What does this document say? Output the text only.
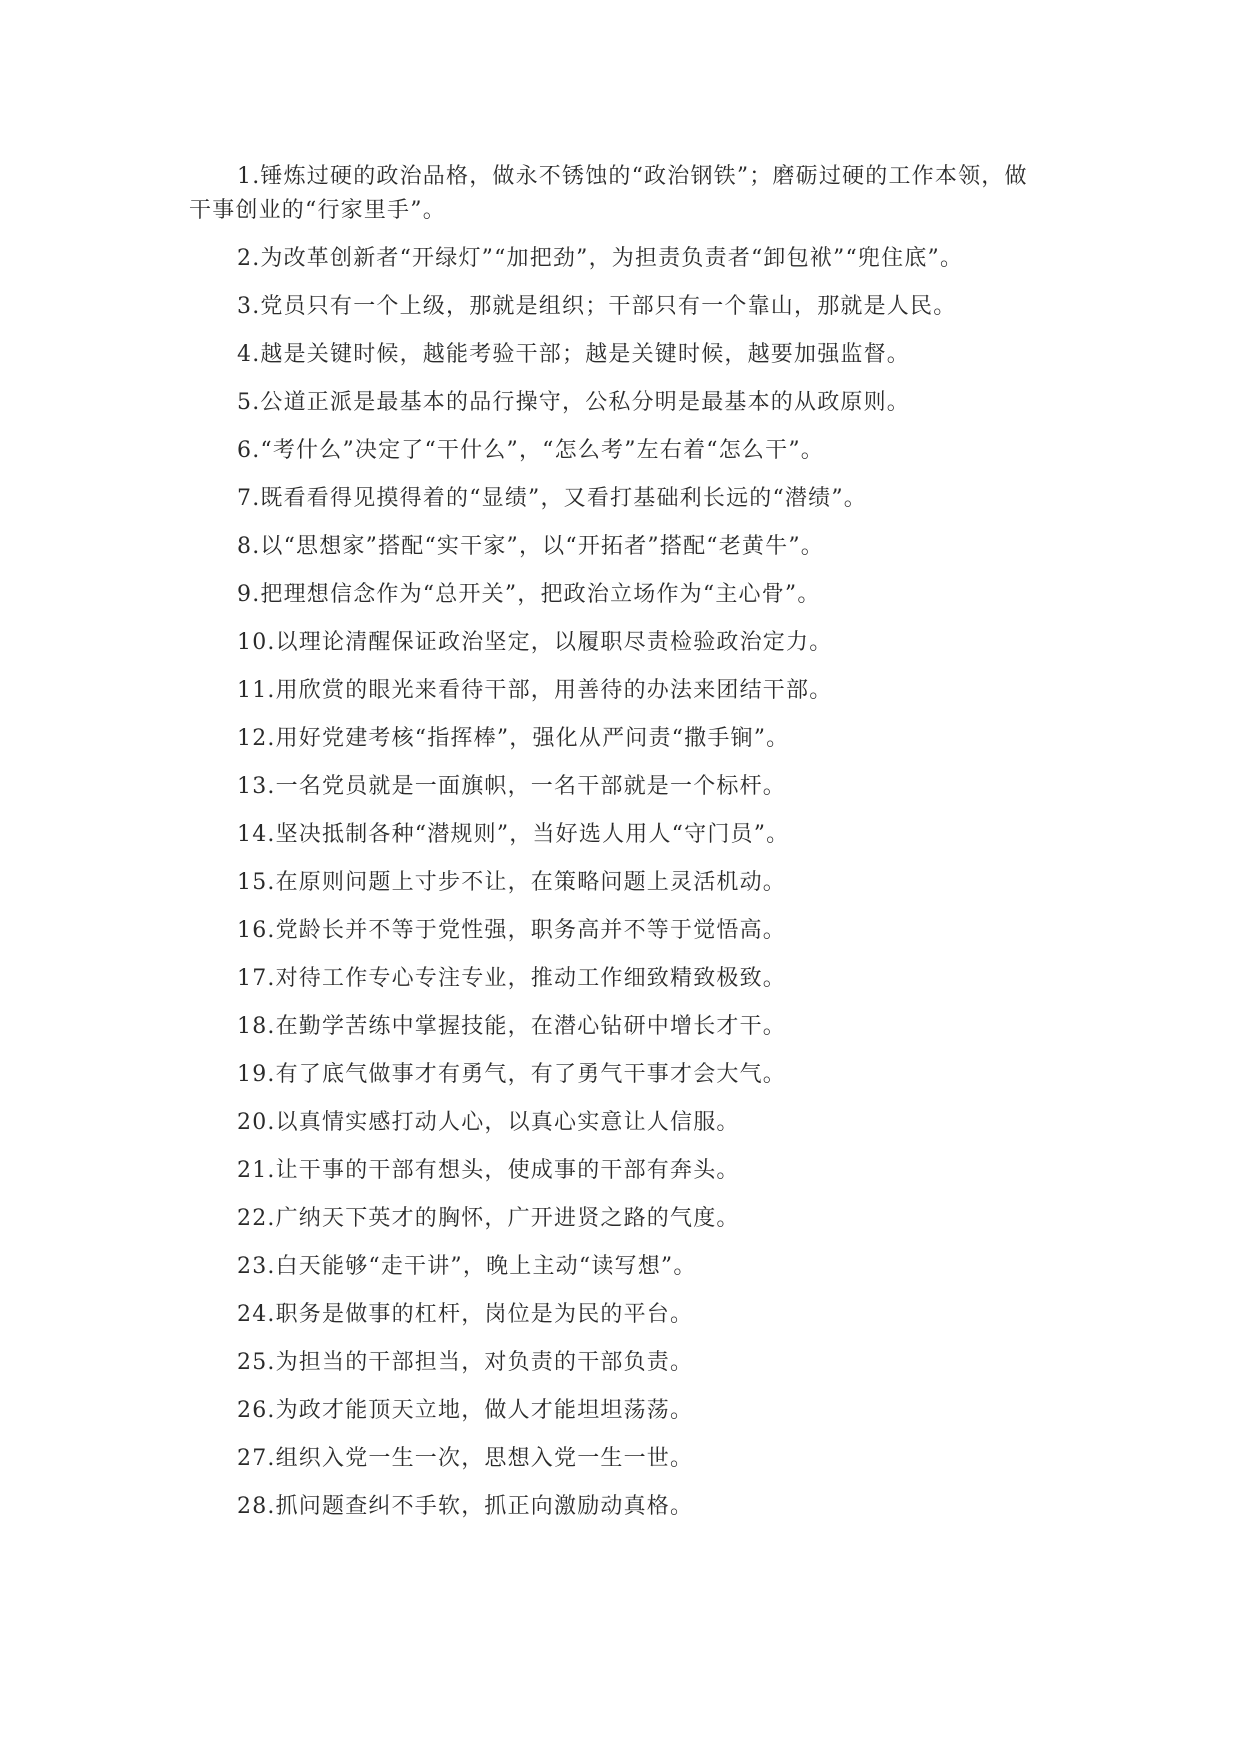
1.锤炼过硬的政治品格，做永不锈蚀的“政治钢铁”；磨砺过硬的工作本领，做干事创业的“行家里手”。

2.为改革创新者“开绿灯”“加把劲”，为担责负责者“卸包袱”“兜住底”。

3.党员只有一个上级，那就是组织；干部只有一个靠山，那就是人民。

4.越是关键时候，越能考验干部；越是关键时候，越要加强监督。

5.公道正派是最基本的品行操守，公私分明是最基本的从政原则。

6.“考什么”决定了“干什么”，“怎么考”左右着“怎么干”。

7.既看看得见摸得着的“显绩”，又看打基础利长远的“潜绩”。

8.以“思想家”搭配“实干家”，以“开拓者”搭配“老黄牛”。

9.把理想信念作为“总开关”，把政治立场作为“主心骨”。

10.以理论清醒保证政治坚定，以履职尽责检验政治定力。

11.用欣赏的眼光来看待干部，用善待的办法来团结干部。

12.用好党建考核“指挥棒”，强化从严问责“撒手锏”。

13.一名党员就是一面旗帜，一名干部就是一个标杆。

14.坚决抵制各种“潜规则”，当好选人用人“守门员”。

15.在原则问题上寸步不让，在策略问题上灵活机动。

16.党龄长并不等于党性强，职务高并不等于觉悟高。

17.对待工作专心专注专业，推动工作细致精致极致。

18.在勤学苦练中掌握技能，在潜心钻研中增长才干。

19.有了底气做事才有勇气，有了勇气干事才会大气。

20.以真情实感打动人心，以真心实意让人信服。

21.让干事的干部有想头，使成事的干部有奔头。

22.广纳天下英才的胸怀，广开进贤之路的气度。

23.白天能够“走干讲”，晚上主动“读写想”。

24.职务是做事的杠杆，岗位是为民的平台。

25.为担当的干部担当，对负责的干部负责。

26.为政才能顶天立地，做人才能坦坦荡荡。

27.组织入党一生一次，思想入党一生一世。

28.抓问题查纠不手软，抓正向激励动真格。
